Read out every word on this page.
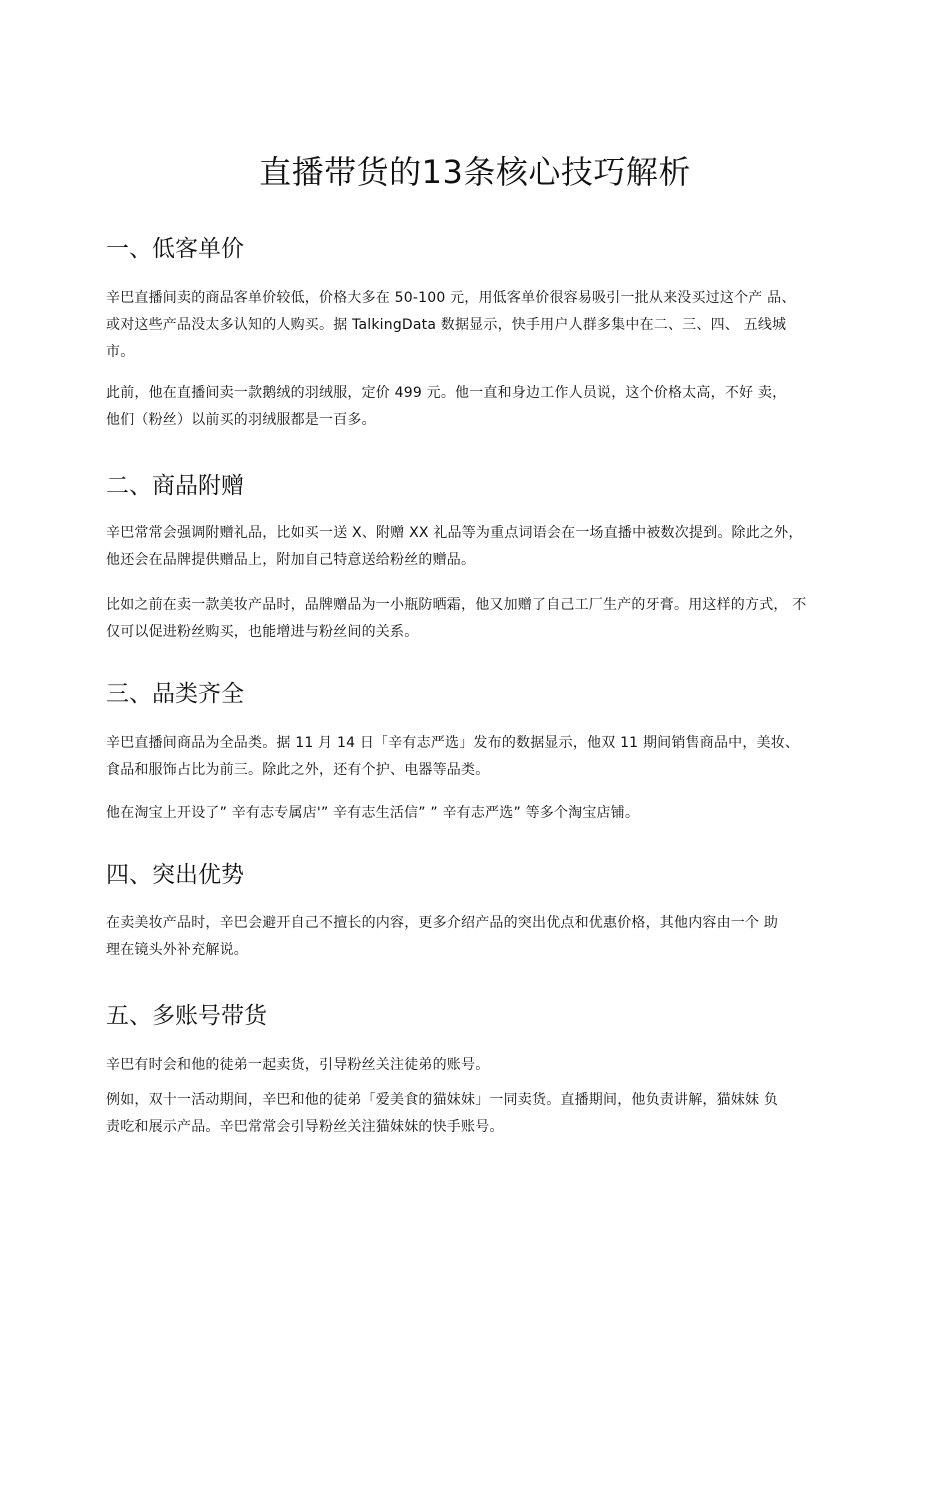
直播带货的13条核心技巧解析
一、低客单价

辛巴直播间卖的商品客单价较低，价格大多在 50-100 元，用低客单价很容易吸引一批从来没买过这个产 品、
或对这些产品没太多认知的人购买。据 TalkingData 数据显示，快手用户人群多集中在二、三、四、 五线城
市。

此前，他在直播间卖一款鹅绒的羽绒服，定价 499 元。他一直和身边工作人员说，这个价格太高，不好 卖，
他们（粉丝）以前买的羽绒服都是一百多。

二、商品附赠

辛巴常常会强调附赠礼品，比如买一送 X、附赠 XX 礼品等为重点词语会在一场直播中被数次提到。除此之外，
他还会在品牌提供赠品上，附加自己特意送给粉丝的赠品。

比如之前在卖一款美妆产品时，品牌赠品为一小瓶防晒霜，他又加赠了自己工厂生产的牙膏。用这样的方式， 不
仅可以促进粉丝购买，也能增进与粉丝间的关系。

三、品类齐全

辛巴直播间商品为全品类。据 11 月 14 日「辛有志严选」发布的数据显示，他双 11 期间销售商品中，美妆、
食品和服饰占比为前三。除此之外，还有个护、电器等品类。

他在淘宝上开设了” 辛有志专属店'” 辛有志生活信” ” 辛有志严选” 等多个淘宝店铺。

四、突出优势

在卖美妆产品时，辛巴会避开自己不擅长的内容，更多介绍产品的突出优点和优惠价格，其他内容由一个 助
理在镜头外补充解说。

五、多账号带货

辛巴有时会和他的徒弟一起卖货，引导粉丝关注徒弟的账号。

例如，双十一活动期间，辛巴和他的徒弟「爱美食的猫妹妹」一同卖货。直播期间，他负责讲解，猫妹妹 负
责吃和展示产品。辛巴常常会引导粉丝关注猫妹妹的快手账号。
